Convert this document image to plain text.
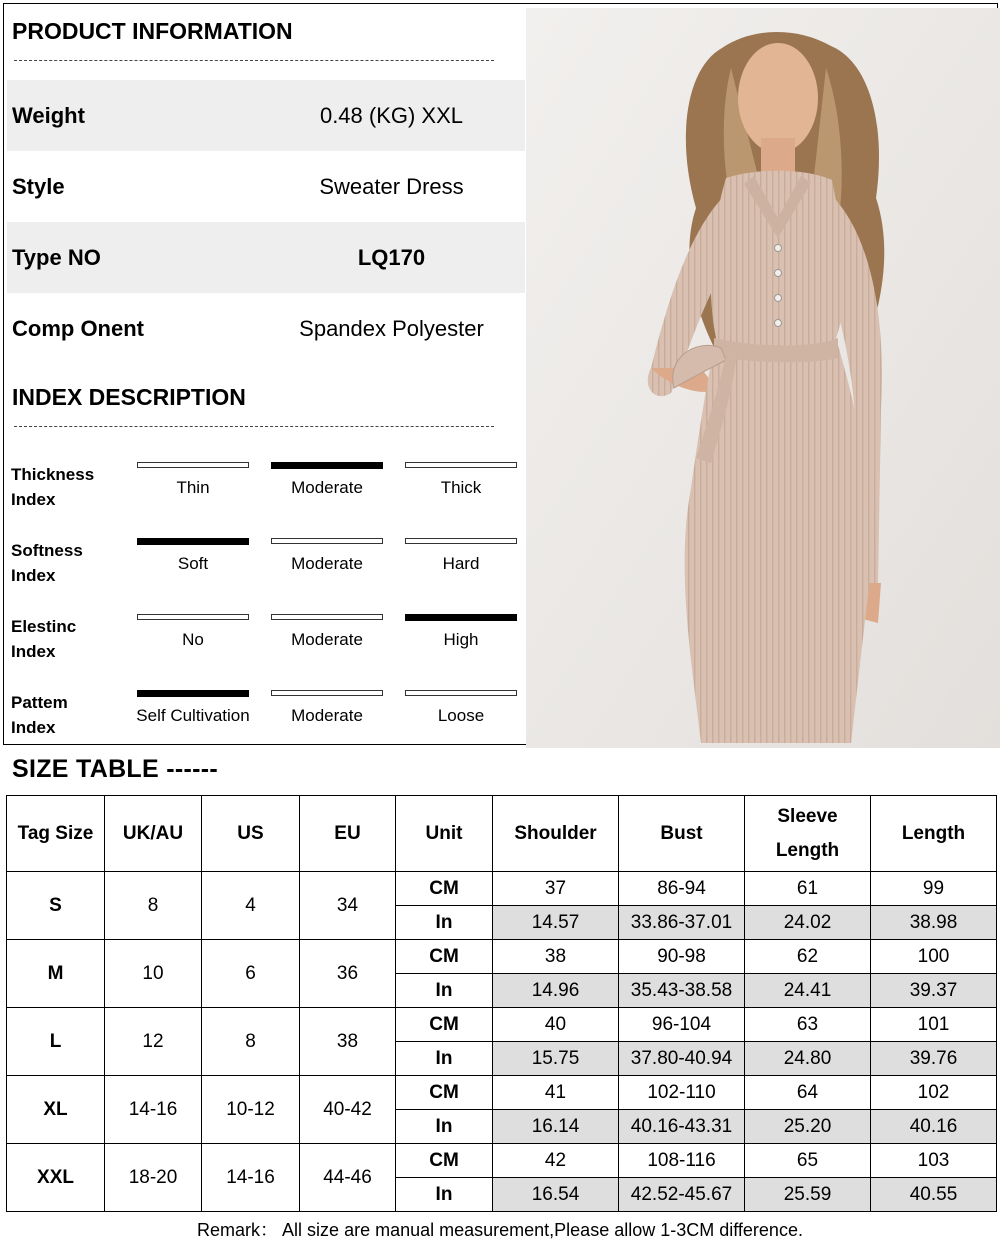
PRODUCT INFORMATION
Weight	0.48 (KG) XXL
Style	Sweater Dress
Type NO	LQ170
Comp Onent	Spandex Polyester
INDEX DESCRIPTION
Thickness
Index
Thin	Moderate	Thick
Softness
Index
Soft	Moderate	Hard
Elestinc
Index
No	Moderate	High
Pattem
Index
Self Cultivation	Moderate	Loose
SIZE TABLE ------
Tag Size	UK/AU	US	EU	Unit	Shoulder	Bust	Sleeve Length	Length
S	8	4	34	CM	37	86-94	61	99
				In	14.57	33.86-37.01	24.02	38.98
M	10	6	36	CM	38	90-98	62	100
				In	14.96	35.43-38.58	24.41	39.37
L	12	8	38	CM	40	96-104	63	101
				In	15.75	37.80-40.94	24.80	39.76
XL	14-16	10-12	40-42	CM	41	102-110	64	102
				In	16.14	40.16-43.31	25.20	40.16
XXL	18-20	14-16	44-46	CM	42	108-116	65	103
				In	16.54	42.52-45.67	25.59	40.55
Remark： All size are manual measurement,Please allow 1-3CM difference.
